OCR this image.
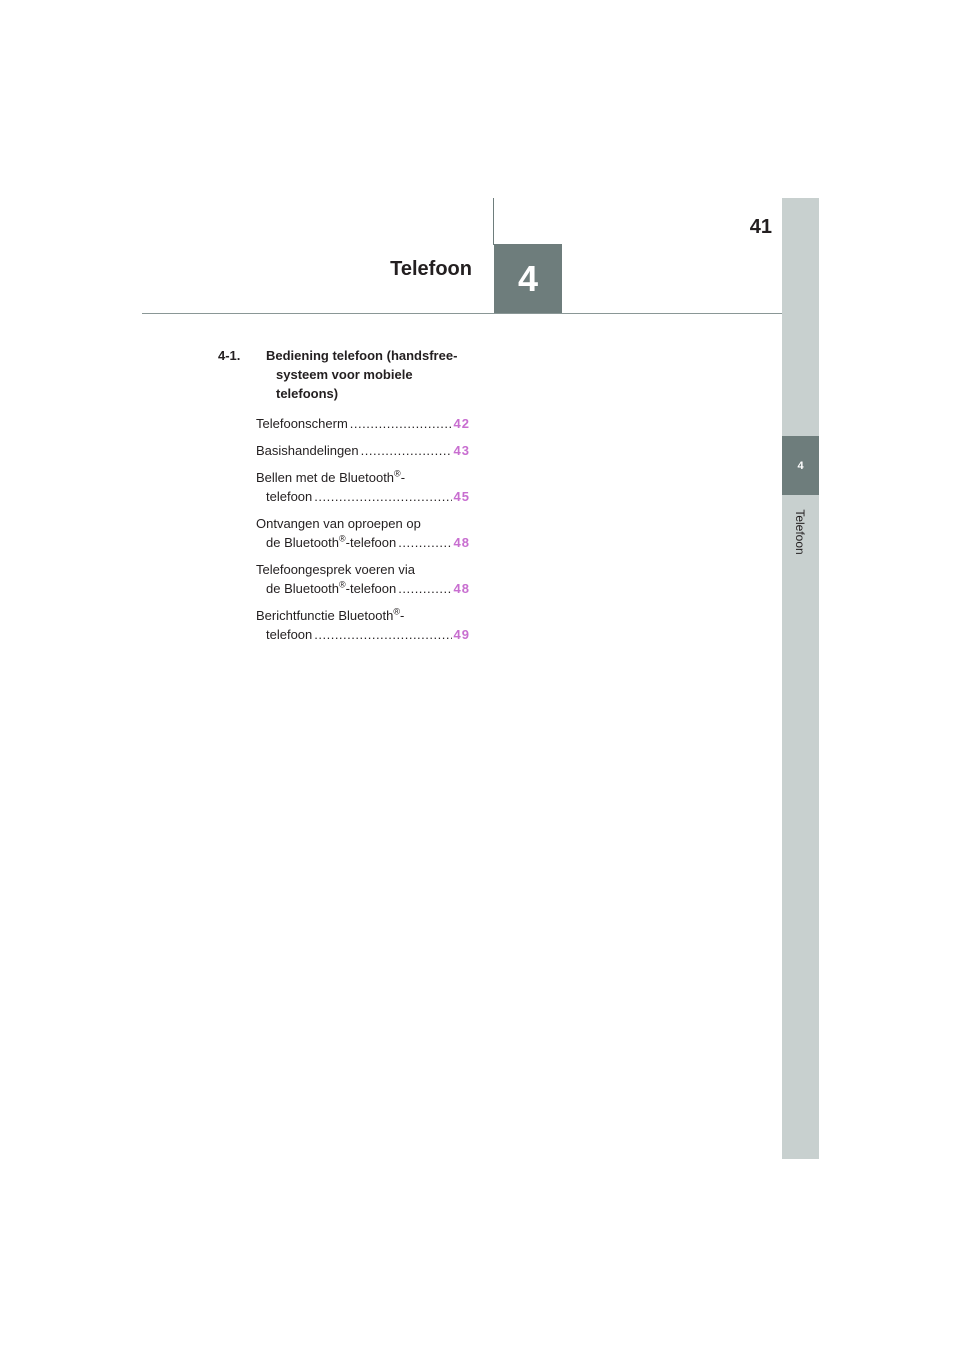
4
Telefoon
41
4
Telefoon
4-1.	Bediening telefoon (handsfree-systeem voor mobiele telefoons)
Telefoonscherm .....	42
Basishandelingen .....	43
Bellen met de Bluetooth®-
telefoon .....	45
Ontvangen van oproepen op
de Bluetooth®-telefoon .....	48
Telefoongesprek voeren via
de Bluetooth®-telefoon .....	48
Berichtfunctie Bluetooth®-
telefoon .....	49
